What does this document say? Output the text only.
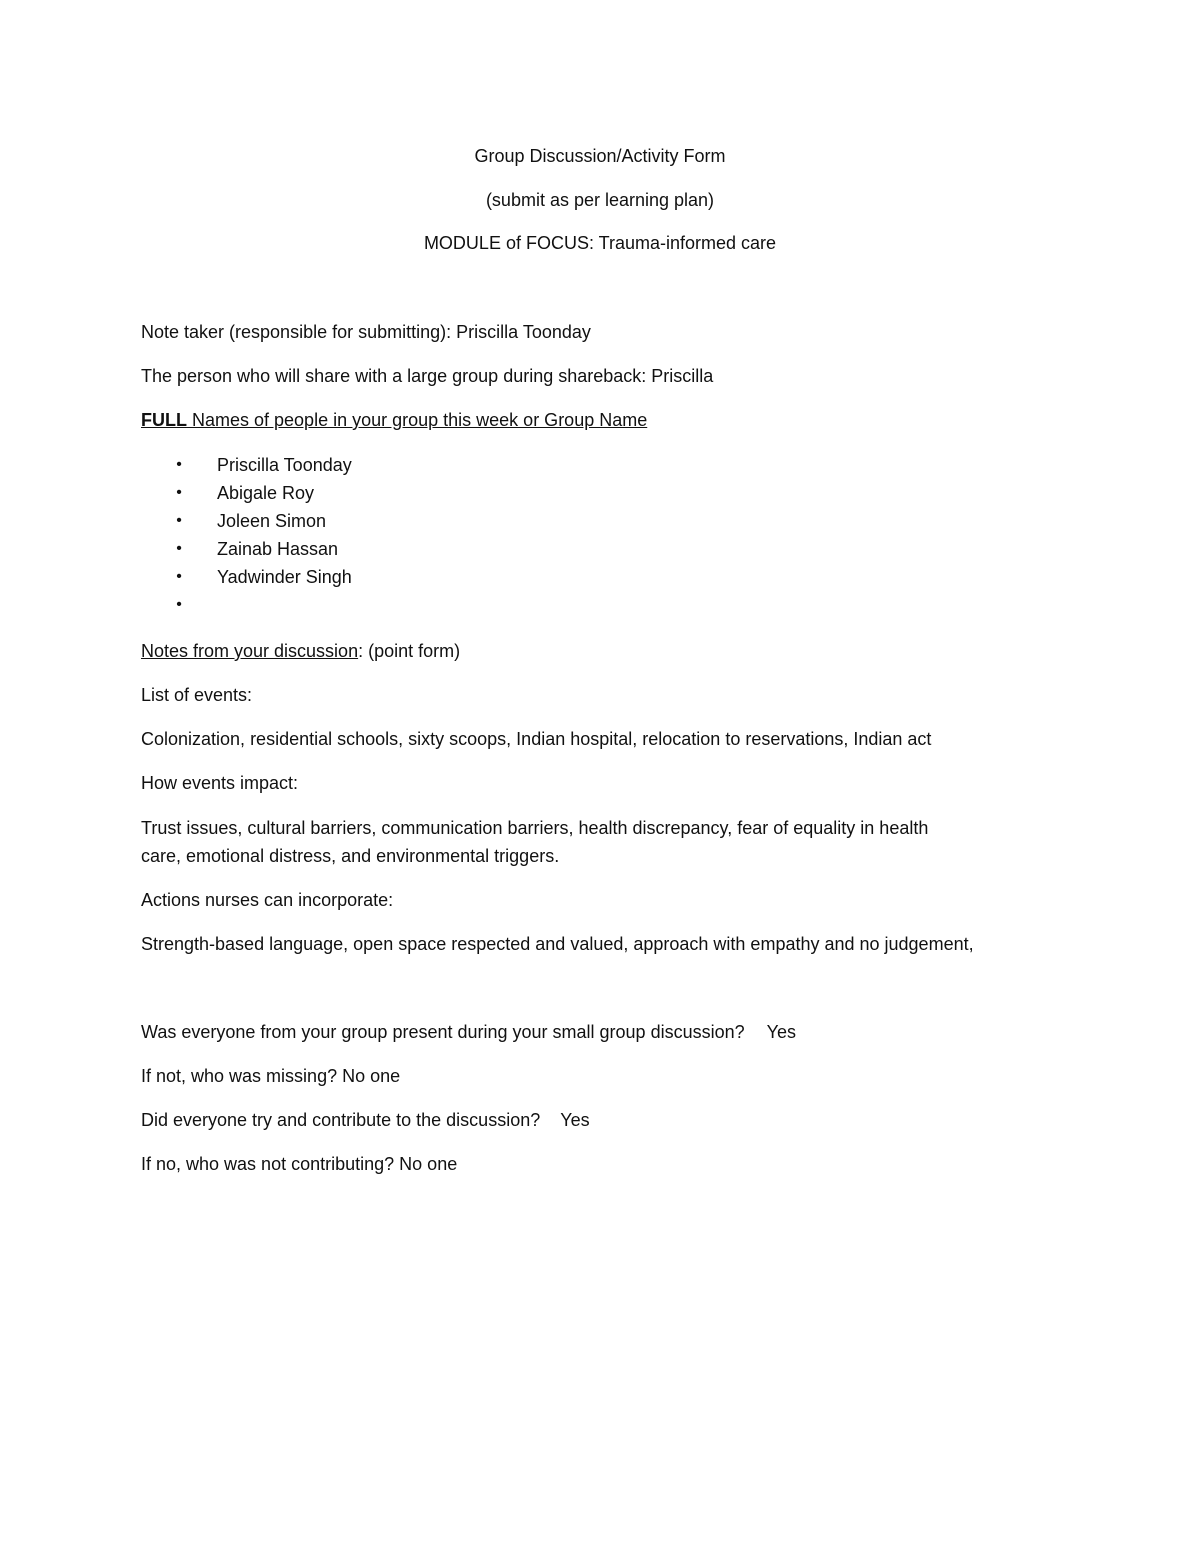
Group Discussion/Activity Form
(submit as per learning plan)
MODULE of FOCUS: Trauma-informed care
Note taker (responsible for submitting): Priscilla Toonday
The person who will share with a large group during shareback: Priscilla
FULL Names of people in your group this week or Group Name
• Priscilla Toonday
• Abigale Roy
• Joleen Simon
• Zainab Hassan
• Yadwinder Singh
•
Notes from your discussion: (point form)
List of events:
Colonization, residential schools, sixty scoops, Indian hospital, relocation to reservations, Indian act
How events impact:
Trust issues, cultural barriers, communication barriers, health discrepancy, fear of equality in health
care, emotional distress, and environmental triggers.
Actions nurses can incorporate:
Strength-based language, open space respected and valued, approach with empathy and no judgement,
Was everyone from your group present during your small group discussion? Yes
If not, who was missing? No one
Did everyone try and contribute to the discussion? Yes
If no, who was not contributing? No one
